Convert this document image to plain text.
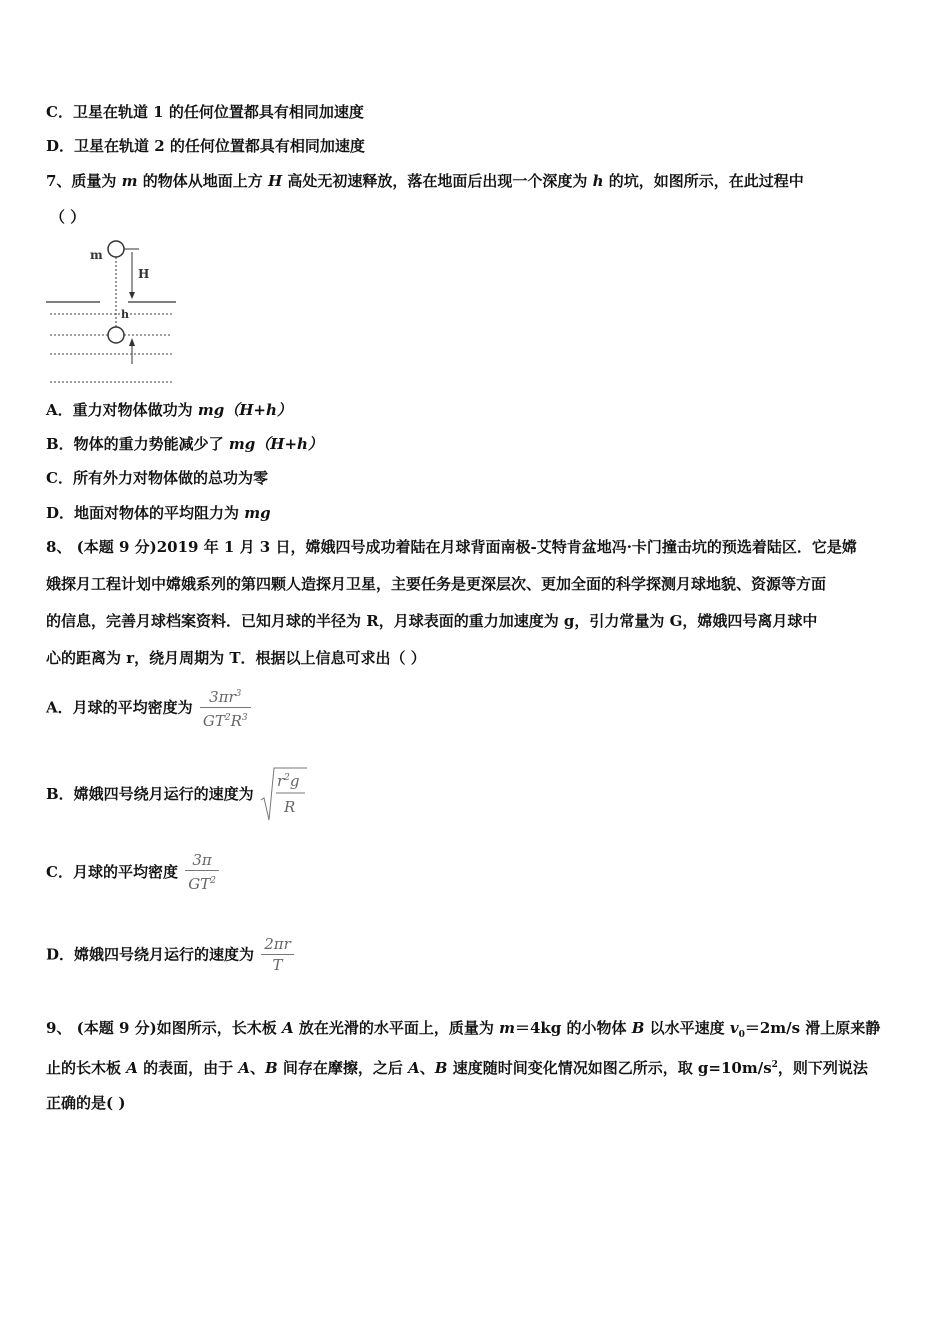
C．卫星在轨道 1 的任何位置都具有相同加速度
D．卫星在轨道 2 的任何位置都具有相同加速度
7、质量为 m 的物体从地面上方 H 高处无初速释放，落在地面后出现一个深度为 h 的坑，如图所示，在此过程中
（ ）
m
H
h
A．重力对物体做功为 mg（H+h）
B．物体的重力势能减少了 mg（H+h）
C．所有外力对物体做的总功为零
D．地面对物体的平均阻力为 mg
8、 (本题 9 分)2019 年 1 月 3 日，嫦娥四号成功着陆在月球背面南极-艾特肯盆地冯·卡门撞击坑的预选着陆区．它是嫦
娥探月工程计划中嫦娥系列的第四颗人造探月卫星，主要任务是更深层次、更加全面的科学探测月球地貌、资源等方面
的信息，完善月球档案资料．已知月球的半径为 R，月球表面的重力加速度为 g，引力常量为 G，嫦娥四号离月球中
心的距离为 r，绕月周期为 T．根据以上信息可求出（ ）
A．月球的平均密度为 $\frac{3\pi r^3}{GT^2R^3}$
B．嫦娥四号绕月运行的速度为
$r^2g$
R
C．月球的平均密度 $\frac{3\pi}{GT^2}$
D．嫦娥四号绕月运行的速度为 $\frac{2\pi r}{T}$
9、 (本题 9 分)如图所示，长木板 A 放在光滑的水平面上，质量为 m＝4kg 的小物体 B 以水平速度 $v_0=2m/s$ 滑上原来静
止的长木板 A 的表面，由于 A、B 间存在摩擦，之后 A、B 速度随时间变化情况如图乙所示，取 $g=10m/s^2$，则下列说法
正确的是( )
